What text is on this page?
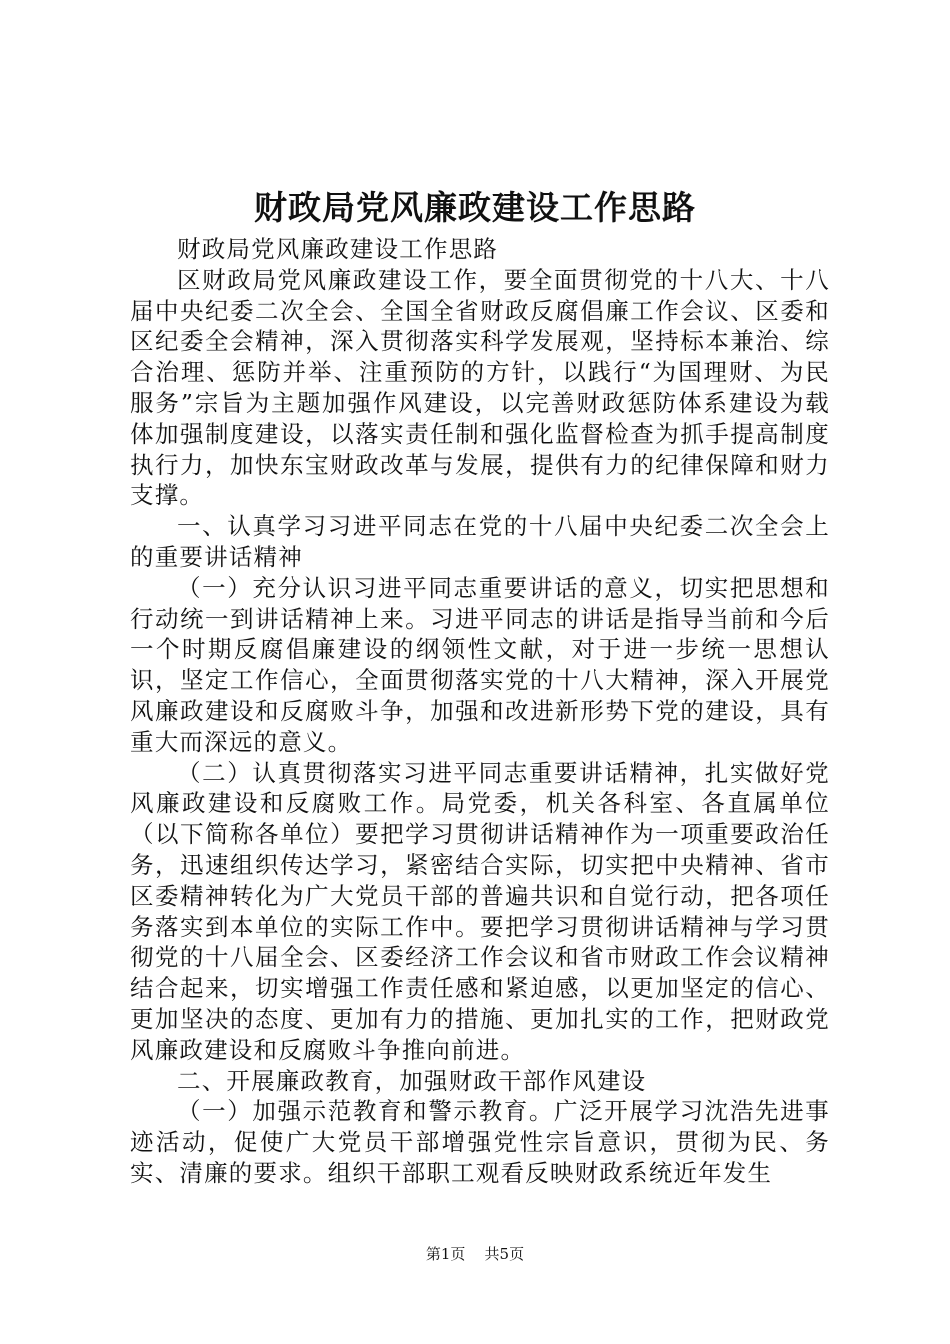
财政局党风廉政建设工作思路

财政局党风廉政建设工作思路

区财政局党风廉政建设工作，要全面贯彻党的十八大、十八届中央纪委二次全会、全国全省财政反腐倡廉工作会议、区委和区纪委全会精神，深入贯彻落实科学发展观，坚持标本兼治、综合治理、惩防并举、注重预防的方针，以践行“为国理财、为民服务”宗旨为主题加强作风建设，以完善财政惩防体系建设为载体加强制度建设，以落实责任制和强化监督检查为抓手提高制度执行力，加快东宝财政改革与发展，提供有力的纪律保障和财力支撑。

一、认真学习习进平同志在党的十八届中央纪委二次全会上的重要讲话精神

（一）充分认识习进平同志重要讲话的意义，切实把思想和行动统一到讲话精神上来。习进平同志的讲话是指导当前和今后一个时期反腐倡廉建设的纲领性文献，对于进一步统一思想认识，坚定工作信心，全面贯彻落实党的十八大精神，深入开展党风廉政建设和反腐败斗争，加强和改进新形势下党的建设，具有重大而深远的意义。

（二）认真贯彻落实习进平同志重要讲话精神，扎实做好党风廉政建设和反腐败工作。局党委，机关各科室、各直属单位（以下简称各单位）要把学习贯彻讲话精神作为一项重要政治任务，迅速组织传达学习，紧密结合实际，切实把中央精神、省市区委精神转化为广大党员干部的普遍共识和自觉行动，把各项任务落实到本单位的实际工作中。要把学习贯彻讲话精神与学习贯彻党的十八届全会、区委经济工作会议和省市财政工作会议精神结合起来，切实增强工作责任感和紧迫感，以更加坚定的信心、更加坚决的态度、更加有力的措施、更加扎实的工作，把财政党风廉政建设和反腐败斗争推向前进。

二、开展廉政教育，加强财政干部作风建设

（一）加强示范教育和警示教育。广泛开展学习沈浩先进事迹活动，促使广大党员干部增强党性宗旨意识，贯彻为民、务实、清廉的要求。组织干部职工观看反映财政系统近年发生

第1页 共5页
